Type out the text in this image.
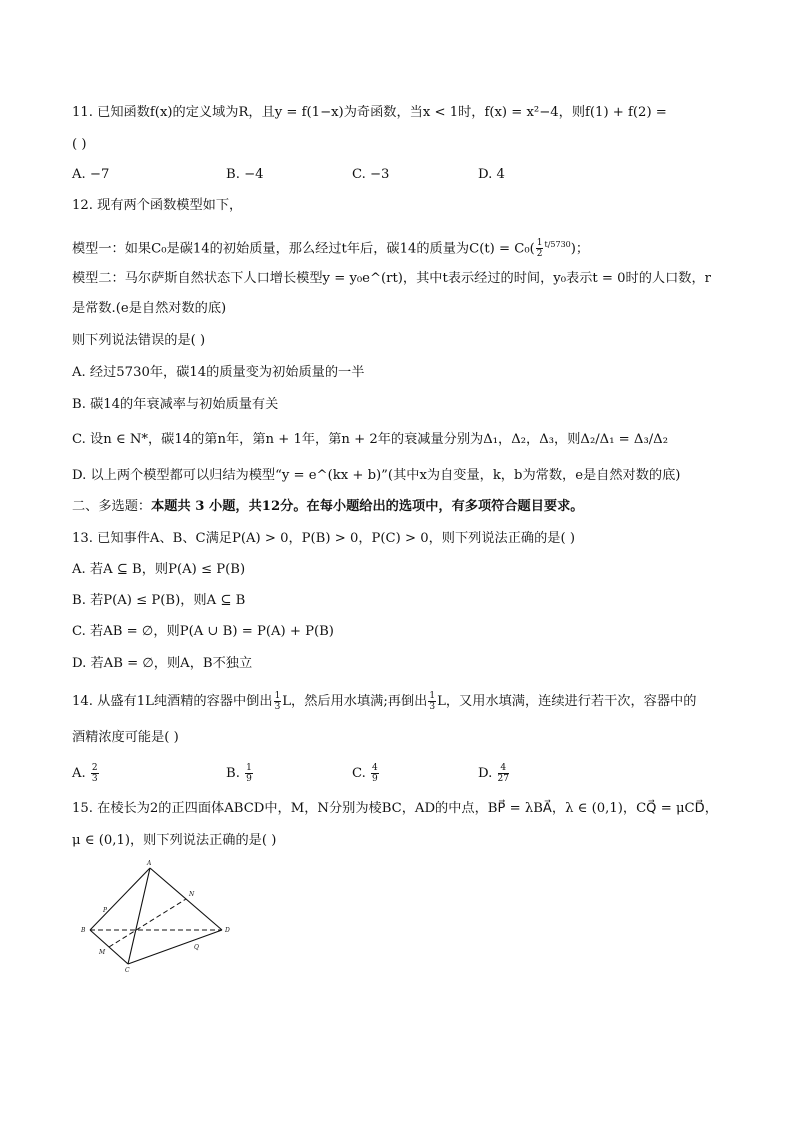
11. 已知函数f(x)的定义域为R，且y = f(1−x)为奇函数，当x < 1时，f(x) = x²−4，则f(1) + f(2) =
( )
A. −7	B. −4	C. −3	D. 4
12. 现有两个函数模型如下，
模型一：如果C₀是碳14的初始质量，那么经过t年后，碳14的质量为$C(t) = C_0( \frac{1}{2} ^{t/5730})$；
模型二：马尔萨斯自然状态下人口增长模型y = y₀e^(rt)，其中t表示经过的时间，y₀表示t = 0时的人口数，r
是常数.(e是自然对数的底)
则下列说法错误的是( )
A. 经过5730年，碳14的质量变为初始质量的一半
B. 碳14的年衰减率与初始质量有关
C. 设n ∈ N*，碳14的第n年，第n + 1年，第n + 2年的衰减量分别为Δ₁，Δ₂，Δ₃，则Δ₂/Δ₁ = Δ₃/Δ₂
D. 以上两个模型都可以归结为模型“y = e^(kx + b)”(其中x为自变量，k，b为常数，e是自然对数的底)
二、多选题：本题共 3 小题，共12分。在每小题给出的选项中，有多项符合题目要求。
13. 已知事件A、B、C满足P(A) > 0，P(B) > 0，P(C) > 0，则下列说法正确的是( )
A. 若A ⊆ B，则P(A) ≤ P(B)
B. 若P(A) ≤ P(B)，则A ⊆ B
C. 若AB = ∅，则P(A ∪ B) = P(A) + P(B)
D. 若AB = ∅，则A，B不独立
14. 从盛有1L纯酒精的容器中倒出 $\frac{1}{3}$ L，然后用水填满;再倒出 $\frac{1}{3}$ L，又用水填满，连续进行若干次，容器中的
酒精浓度可能是( )
A. $\frac{2}{3}$	B. $\frac{1}{9}$	C. $\frac{4}{9}$	D. $\frac{4}{27}$
15. 在棱长为2的正四面体ABCD中，M，N分别为棱BC，AD的中点，BP⃗ = λBA⃗，λ ∈ (0,1)，CQ⃗ = μCD⃗，
μ ∈ (0,1)，则下列说法正确的是( )
A
B
C
D
M
N
P
Q
